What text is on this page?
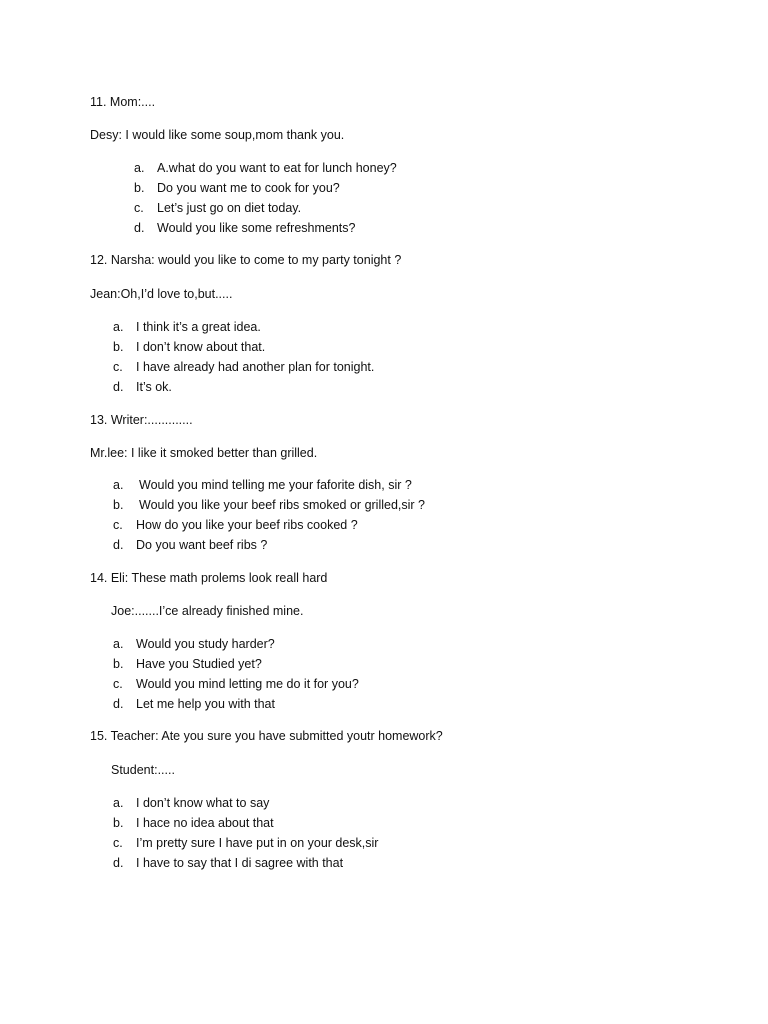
11. Mom:....
Desy: I would like some soup,mom thank you.
a. A.what do you want to eat for lunch honey?
b. Do you want me to cook for you?
c. Let’s just go on diet today.
d. Would you like some refreshments?
12. Narsha: would you like to come to my party tonight ?
Jean:Oh,I’d love to,but.....
a. I think it’s a great idea.
b. I don’t know about that.
c. I have already had another plan for tonight.
d. It’s ok.
13. Writer:.............
Mr.lee: I like it smoked better than grilled.
a. Would you mind telling me your faforite dish, sir ?
b. Would you like your beef ribs smoked or grilled,sir ?
c. How do you like your beef ribs cooked ?
d. Do you want beef ribs ?
14. Eli: These math prolems look reall hard
Joe:.......I’ce already finished mine.
a. Would you study harder?
b. Have you Studied yet?
c. Would you mind letting me do it for you?
d. Let me help you with that
15. Teacher: Ate you sure you have submitted youtr homework?
Student:.....
a. I don’t know what to say
b. I hace no idea about that
c. I’m pretty sure I have put in on your desk,sir
d. I have to say that I di sagree with that
